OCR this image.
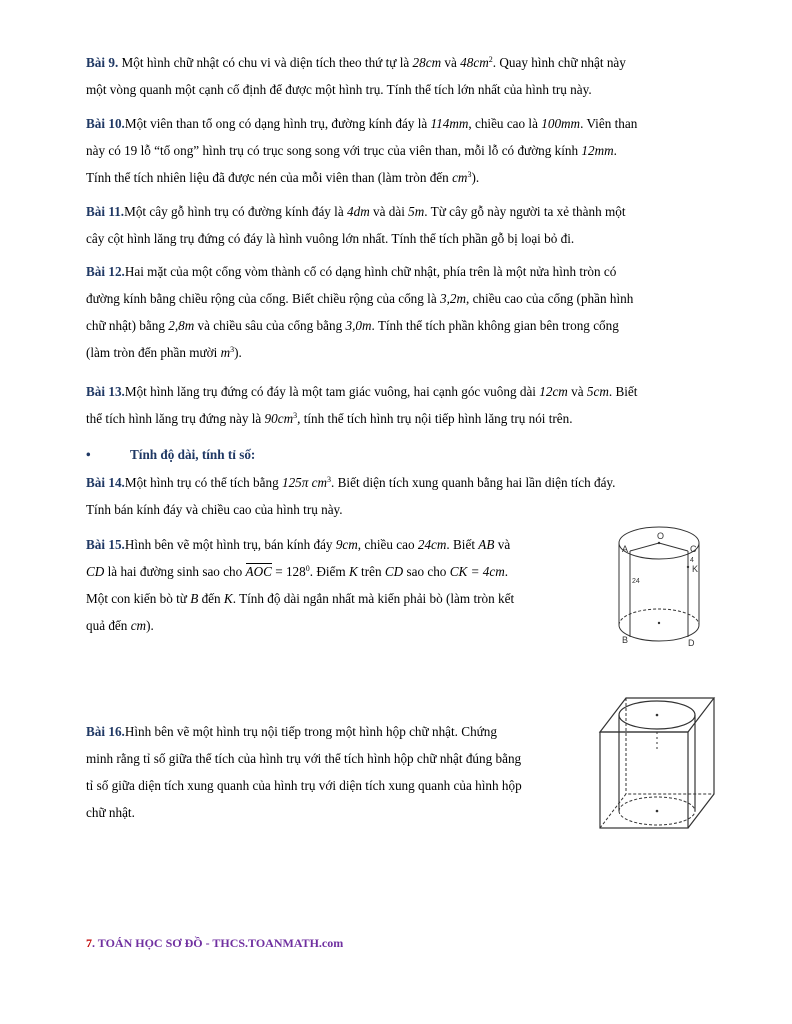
Bài 9. Một hình chữ nhật có chu vi và diện tích theo thứ tự là 28cm và $48cm^2$. Quay hình chữ nhật này
một vòng quanh một cạnh cố định để được một hình trụ. Tính thể tích lớn nhất của hình trụ này.
Bài 10.Một viên than tổ ong có dạng hình trụ, đường kính đáy là 114mm, chiều cao là 100mm. Viên than
này có 19 lỗ “tổ ong” hình trụ có trục song song với trục của viên than, mỗi lỗ có đường kính 12mm.
Tính thể tích nhiên liệu đã được nén của mỗi viên than (làm tròn đến $cm^3$).
Bài 11.Một cây gỗ hình trụ có đường kính đáy là 4dm và dài 5m. Từ cây gỗ này người ta xẻ thành một
cây cột hình lăng trụ đứng có đáy là hình vuông lớn nhất. Tính thể tích phần gỗ bị loại bỏ đi.
Bài 12.Hai mặt của một cổng vòm thành cổ có dạng hình chữ nhật, phía trên là một nửa hình tròn có
đường kính bằng chiều rộng của cổng. Biết chiều rộng của cổng là 3,2m, chiều cao của cổng (phần hình
chữ nhật) bằng 2,8m và chiều sâu của cổng bằng 3,0m. Tính thể tích phần không gian bên trong cổng
(làm tròn đến phần mười $m^3$).
Bài 13.Một hình lăng trụ đứng có đáy là một tam giác vuông, hai cạnh góc vuông dài 12cm và 5cm. Biết
thể tích hình lăng trụ đứng này là $90cm^3$, tính thể tích hình trụ nội tiếp hình lăng trụ nói trên.
•	Tính độ dài, tính tỉ số:
Bài 14.Một hình trụ có thể tích bằng 125π $cm^3$. Biết diện tích xung quanh bằng hai lần diện tích đáy.
Tính bán kính đáy và chiều cao của hình trụ này.
Bài 15.Hình bên vẽ một hình trụ, bán kính đáy 9cm, chiều cao 24cm. Biết AB và
CD là hai đường sinh sao cho AOC = $128^0$. Điểm K trên CD sao cho CK = 4cm.
Một con kiến bò từ B đến K. Tính độ dài ngắn nhất mà kiến phải bò (làm tròn kết
quả đến cm).
A
O
C
K
4
24
B	D
Bài 16.Hình bên vẽ một hình trụ nội tiếp trong một hình hộp chữ nhật. Chứng
minh rằng tỉ số giữa thể tích của hình trụ với thể tích hình hộp chữ nhật đúng bằng
tỉ số giữa diện tích xung quanh của hình trụ với diện tích xung quanh của hình hộp
chữ nhật.
7. TOÁN HỌC SƠ ĐỒ - THCS.TOANMATH.com
